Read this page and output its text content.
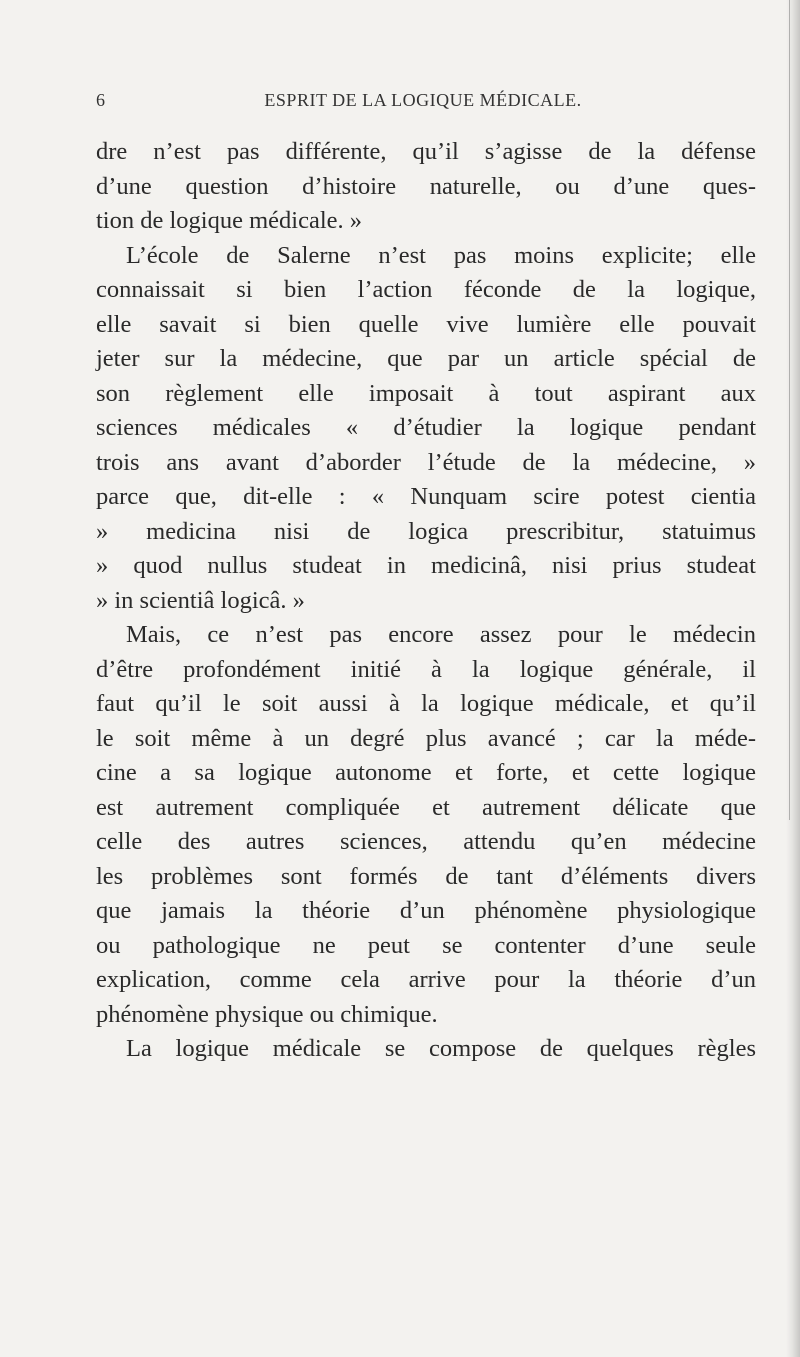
6	ESPRIT DE LA LOGIQUE MÉDICALE.
dre n’est pas différente, qu’il s’agisse de la défense
d’une question d’histoire naturelle, ou d’une ques-
tion de logique médicale. »
L’école de Salerne n’est pas moins explicite; elle
connaissait si bien l’action féconde de la logique,
elle savait si bien quelle vive lumière elle pouvait
jeter sur la médecine, que par un article spécial de
son règlement elle imposait à tout aspirant aux
sciences médicales « d’étudier la logique pendant
trois ans avant d’aborder l’étude de la médecine, »
parce que, dit-elle : « Nunquam scire potest cientia
» medicina nisi de logica prescribitur, statuimus
» quod nullus studeat in medicinâ, nisi prius studeat
» in scientiâ logicâ. »
Mais, ce n’est pas encore assez pour le médecin
d’être profondément initié à la logique générale, il
faut qu’il le soit aussi à la logique médicale, et qu’il
le soit même à un degré plus avancé ; car la méde-
cine a sa logique autonome et forte, et cette logique
est autrement compliquée et autrement délicate que
celle des autres sciences, attendu qu’en médecine
les problèmes sont formés de tant d’éléments divers
que jamais la théorie d’un phénomène physiologique
ou pathologique ne peut se contenter d’une seule
explication, comme cela arrive pour la théorie d’un
phénomène physique ou chimique.
La logique médicale se compose de quelques règles
